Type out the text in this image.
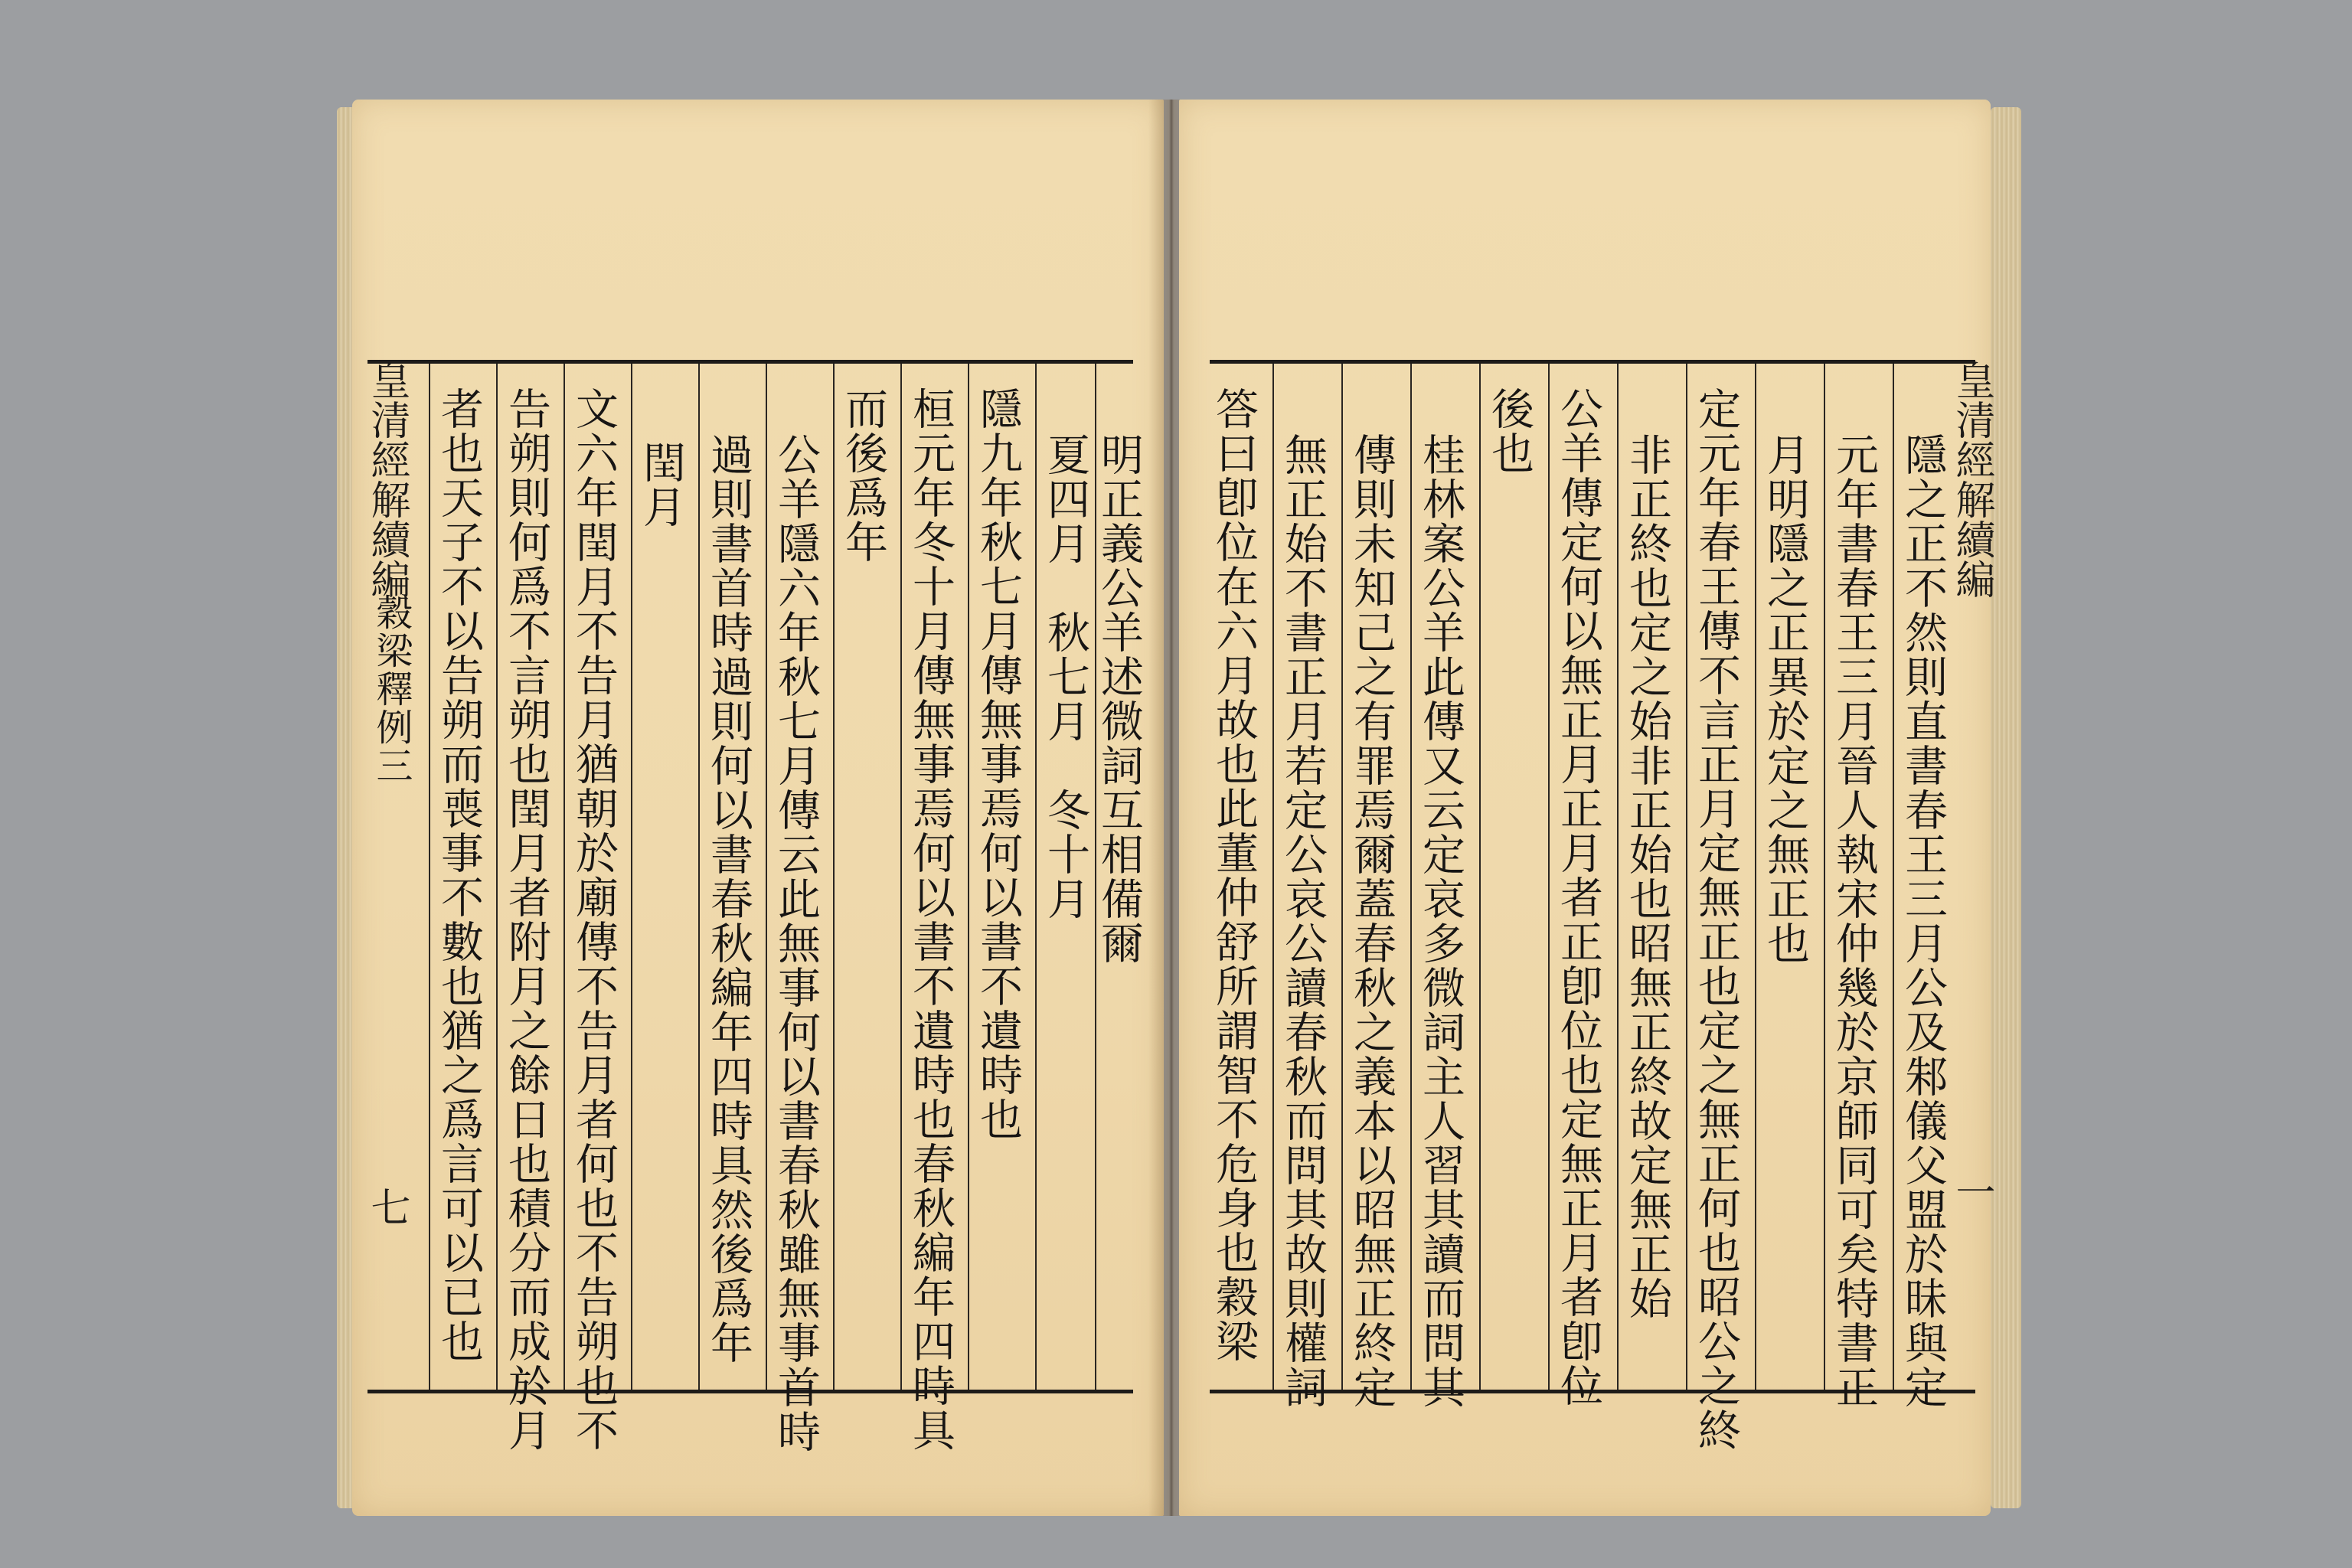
皇清經解續編
七
穀梁釋例三 者也天子不以告朔而喪事不數也猶之爲言可以已也 告朔則何爲不言朔也閏月者附月之餘日也積分而成於月 文六年閏月不告月猶朝於廟傳不告月者何也不告朔也不 閏月 過則書首時過則何以書春秋編年四時具然後爲年 公羊隱六年秋七月傳云此無事何以書春秋雖無事首時 而後爲年 桓元年冬十月傳無事焉何以書不遺時也春秋編年四時具 隱九年秋七月傳無事焉何以書不遺時也 夏四月　秋七月　冬十月 明正義公羊述微詞互相備爾 答曰卽位在六月故也此董仲舒所謂智不危身也穀梁 無正始不書正月若定公哀公讀春秋而問其故則權詞 傳則未知己之有罪焉爾蓋春秋之義本以昭無正終定 桂林案公羊此傳又云定哀多微詞主人習其讀而問其
後也 公羊傳定何以無正月正月者正卽位也定無正月者卽位 非正終也定之始非正始也昭無正終故定無正始 定元年春王傳不言正月定無正也定之無正何也昭公之終 月明隱之正異於定之無正也 元年書春王三月晉人執宋仲幾於京師同可矣特書正 隱之正不然則直書春王三月公及邾儀父盟於昧與定 皇清經解續編
一
